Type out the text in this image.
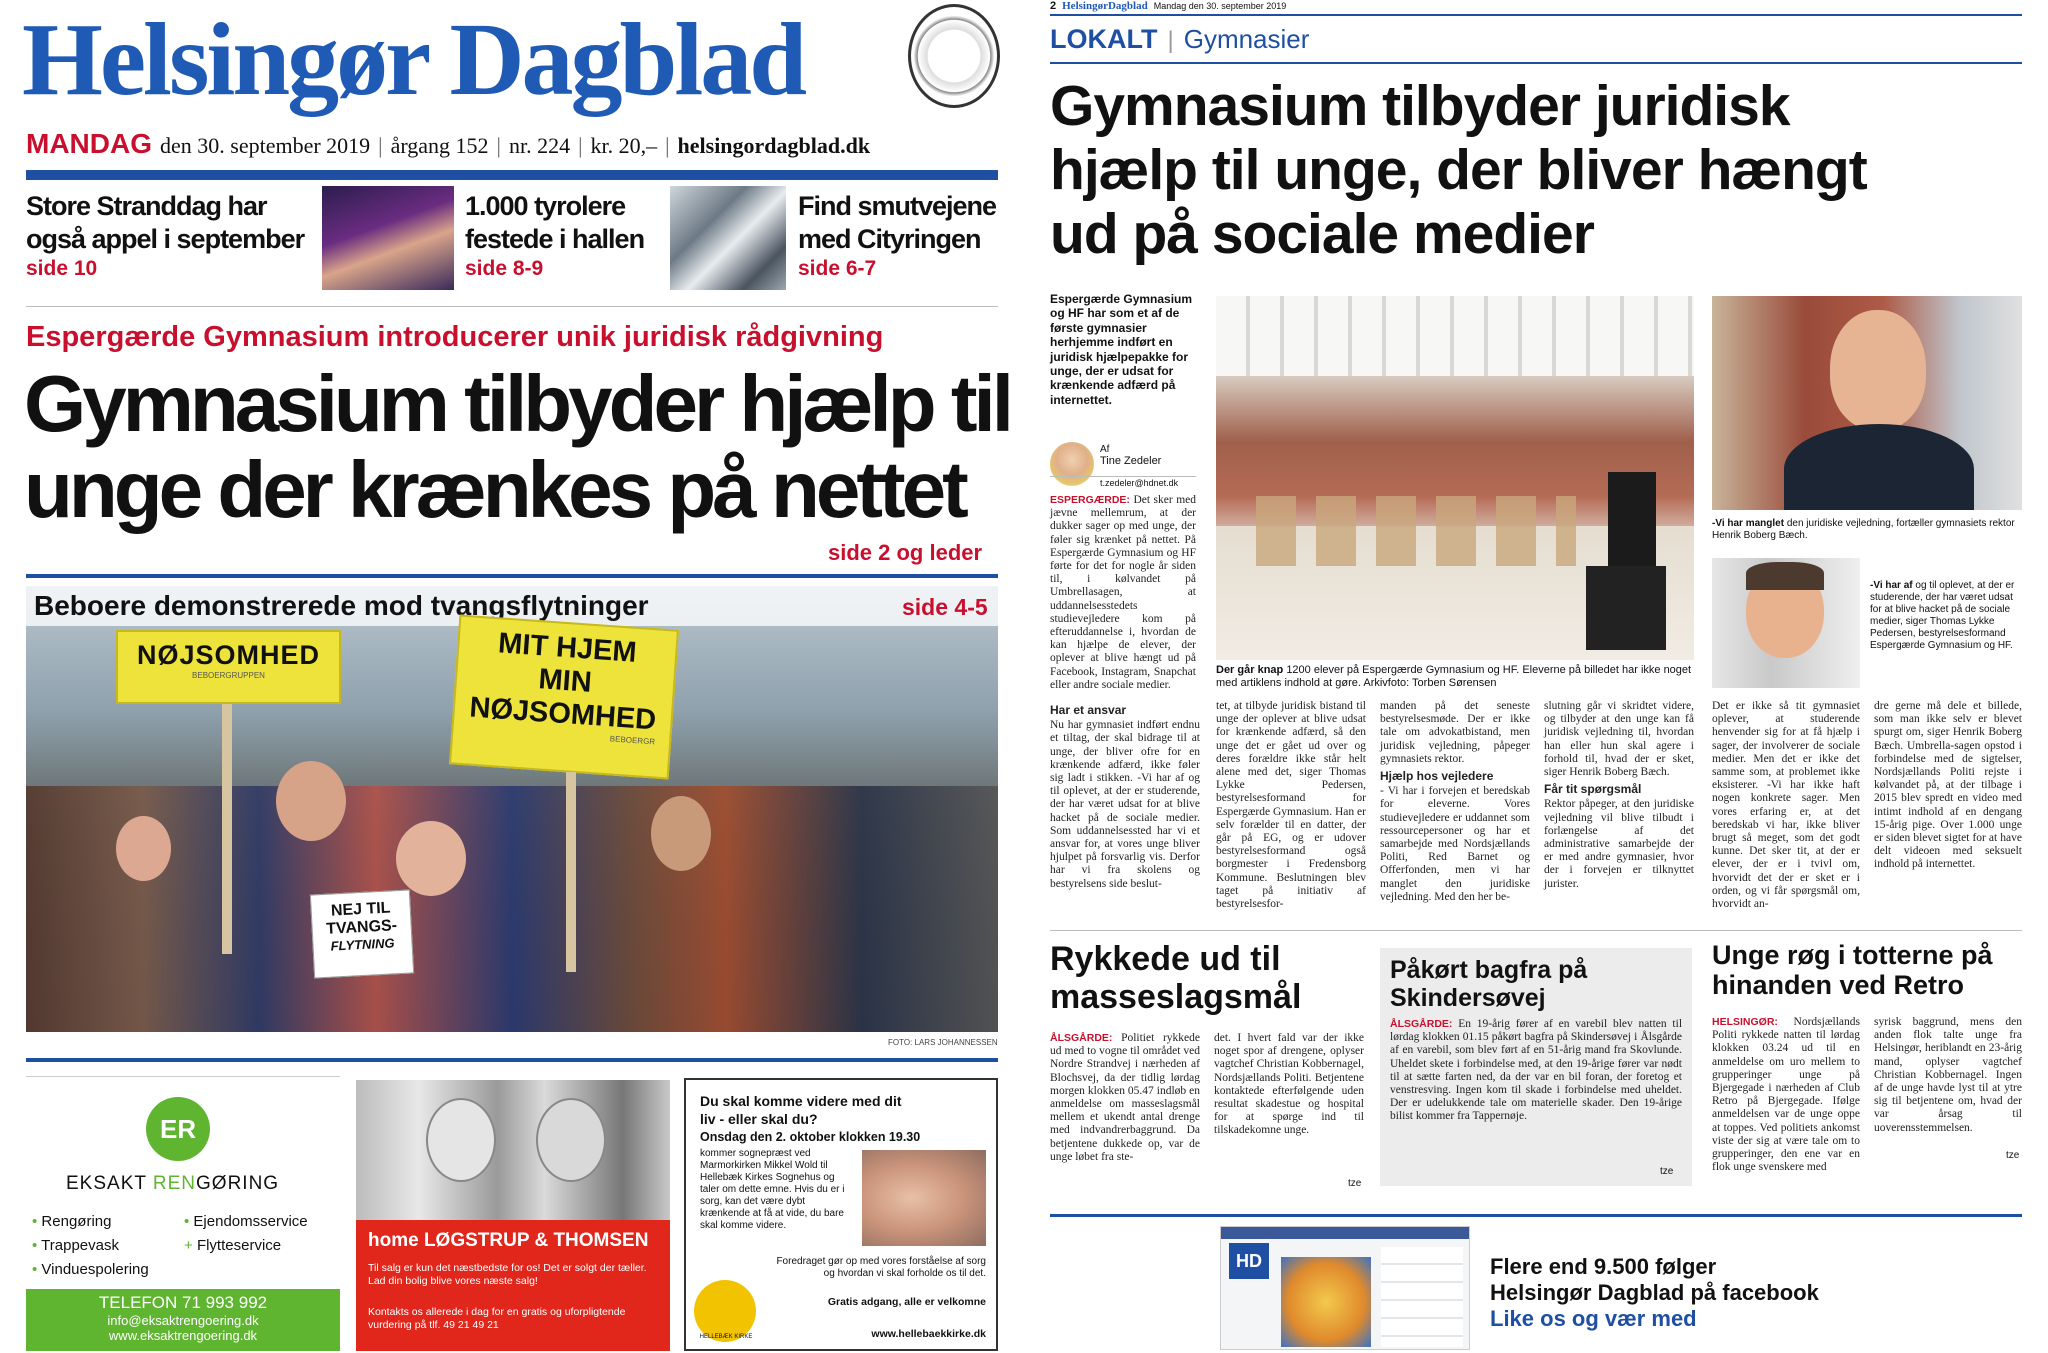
Helsingør Dagblad
MANDAG den 30. september 2019 | årgang 152 | nr. 224 | kr. 20,– | helsingordagblad.dk
Store Stranddag har
også appel i september
side 10
1.000 tyrolere
festede i hallen
side 8-9
Find smutvejene
med Cityringen
side 6-7
Espergærde Gymnasium introducerer unik juridisk rådgivning
Gymnasium tilbyder hjælp til
unge der krænkes på nettet
side 2 og leder
Beboere demonstrerede mod tvangsflytninger	side 4-5
NØJSOMHED
BEBOERGRUPPEN
MIT HJEM
MIN
NØJSOMHED
BEBOERGR
NEJ TIL
TVANGS-
FLYTNING
FOTO: LARS JOHANNESSEN
ER
EKSAKT RENGØRING
• Rengøring	• Ejendomsservice
• Trappevask	+ Flytteservice
• Vinduespolering
TELEFON 71 993 992
info@eksaktrengoering.dk
www.eksaktrengoering.dk
home LØGSTRUP & THOMSEN
Til salg er kun det næstbedste for os! Det er solgt der tæller. Lad din bolig blive vores næste salg!
Kontakts os allerede i dag for en gratis og uforpligtende vurdering på tlf. 49 21 49 21
Du skal komme videre med dit liv - eller skal du?
Onsdag den 2. oktober klokken 19.30
kommer sognepræst ved Marmorkirken Mikkel Wold til Hellebæk Kirkes Sognehus og taler om dette emne. Hvis du er i sorg, kan det være dybt krænkende at få at vide, du bare skal komme videre.
Foredraget gør op med vores forståelse af sorg og hvordan vi skal forholde os til det.
Gratis adgang, alle er velkomne
HELLEBÆK KIRKE	www.hellebaekkirke.dk
2 HelsingørDagblad Mandag den 30. september 2019
LOKALT | Gymnasier
Gymnasium tilbyder juridisk
hjælp til unge, der bliver hængt
ud på sociale medier
Espergærde Gymnasium og HF har som et af de første gymnasier herhjemme indført en juridisk hjælpepakke for unge, der er udsat for krænkende adfærd på internettet.
Af
Tine Zedeler
t.zedeler@hdnet.dk
ESPERGÆRDE: Det sker med jævne mellemrum, at der dukker sager op med unge, der føler sig krænket på nettet. På Espergærde Gymnasium og HF førte for det for nogle år siden til, i kølvandet på Umbrellasagen, at uddannelsesstedets studievejledere kom på efteruddannelse i, hvordan de kan hjælpe de elever, der oplever at blive hængt ud på Facebook, Instagram, Snapchat eller andre sociale medier.
Der går knap 1200 elever på Espergærde Gymnasium og HF. Eleverne på billedet har ikke noget med artiklens indhold at gøre. Arkivfoto: Torben Sørensen
-Vi har manglet den juridiske vejledning, fortæller gymnasiets rektor Henrik Boberg Bæch.
-Vi har af og til oplevet, at der er studerende, der har været udsat for at blive hacket på de sociale medier, siger Thomas Lykke Pedersen, bestyrelsesformand Espergærde Gymnasium og HF.
Har et ansvar
Nu har gymnasiet indført endnu et tiltag, der skal bidrage til at unge, der bliver ofre for en krænkende adfærd, ikke føler sig ladt i stikken. -Vi har af og til oplevet, at der er studerende, der har været udsat for at blive hacket på de sociale medier. Som uddannelsessted har vi et ansvar for, at vores unge bliver hjulpet på forsvarlig vis. Derfor har vi fra skolens og bestyrelsens side beslut-
tet, at tilbyde juridisk bistand til unge der oplever at blive udsat for krænkende adfærd, så den unge det er gået ud over og deres forældre ikke står helt alene med det, siger Thomas Lykke Pedersen, bestyrelsesformand for Espergærde Gymnasium. Han er selv forælder til en datter, der går på EG, og er udover bestyrelsesformand også borgmester i Fredensborg Kommune. Beslutningen blev taget på initiativ af bestyrelsesfor-
manden på det seneste bestyrelsesmøde. Der er ikke tale om advokatbistand, men juridisk vejledning, påpeger gymnasiets rektor.
Hjælp hos vejledere
- Vi har i forvejen et beredskab for eleverne. Vores studievejledere er uddannet som ressourcepersoner og har et samarbejde med Nordsjællands Politi, Red Barnet og Offerfonden, men vi har manglet den juridiske vejledning. Med den her be-
slutning går vi skridtet videre, og tilbyder at den unge kan få juridisk vejledning til, hvordan han eller hun skal agere i forhold til, hvad der er sket, siger Henrik Boberg Bæch.
Får tit spørgsmål
Rektor påpeger, at den juridiske vejledning vil blive tilbudt i forlængelse af det administrative samarbejde der er med andre gymnasier, hvor der i forvejen er tilknyttet jurister.
Det er ikke så tit gymnasiet oplever, at studerende henvender sig for at få hjælp i sager, der involverer de sociale medier. Men det er ikke det samme som, at problemet ikke eksisterer. -Vi har ikke haft nogen konkrete sager. Men vores erfaring er, at det beredskab vi har, ikke bliver brugt så meget, som det godt kunne. Det sker tit, at der er elever, der er i tvivl om, hvorvidt det der er sket er i orden, og vi får spørgsmål om, hvorvidt an-
dre gerne må dele et billede, som man ikke selv er blevet spurgt om, siger Henrik Boberg Bæch. Umbrella-sagen opstod i forbindelse med de sigtelser, Nordsjællands Politi rejste i kølvandet på, at der tilbage i 2015 blev spredt en video med intimt indhold af en dengang 15-årig pige. Over 1.000 unge er siden blevet sigtet for at have delt videoen med seksuelt indhold på internettet.
Rykkede ud til
masseslagsmål
ÅLSGÅRDE: Politiet rykkede ud med to vogne til området ved Nordre Strandvej i nærheden af Blochsvej, da der tidlig lørdag morgen klokken 05.47 indløb en anmeldelse om masseslagsmål mellem et ukendt antal drenge med indvandrerbaggrund. Da betjentene dukkede op, var de unge løbet fra ste-
det. I hvert fald var der ikke noget spor af drengene, oplyser vagtchef Christian Kobbernagel, Nordsjællands Politi. Betjentene kontaktede efterfølgende uden resultat skadestue og hospital for at spørge ind til tilskadekomne unge.
tze
Påkørt bagfra på
Skindersøvej
ÅLSGÅRDE: En 19-årig fører af en varebil blev natten til lørdag klokken 01.15 påkørt bagfra på Skindersøvej i Ålsgårde af en varebil, som blev ført af en 51-årig mand fra Skovlunde. Uheldet skete i forbindelse med, at den 19-årige fører var nødt til at sætte farten ned, da der var en bil foran, der foretog et venstresving. Ingen kom til skade i forbindelse med uheldet. Der er udelukkende tale om materielle skader. Den 19-årige bilist kommer fra Tappernøje.
tze
Unge røg i totterne på
hinanden ved Retro
HELSINGØR: Nordsjællands Politi rykkede natten til lørdag klokken 03.24 ud til en anmeldelse om uro mellem to grupperinger unge på Bjergegade i nærheden af Club Retro på Bjergegade. Ifølge anmeldelsen var de unge oppe at toppes. Ved politiets ankomst viste der sig at være tale om to grupperinger, den ene var en flok unge svenskere med
syrisk baggrund, mens den anden flok talte unge fra Helsingør, heriblandt en 23-årig mand, oplyser vagtchef Christian Kobbernagel. Ingen af de unge havde lyst til at ytre sig til betjentene om, hvad der var årsag til uoverensstemmelsen.
tze
HD	Flere end 9.500 følger
Helsingør Dagblad på facebook
Like os og vær med
